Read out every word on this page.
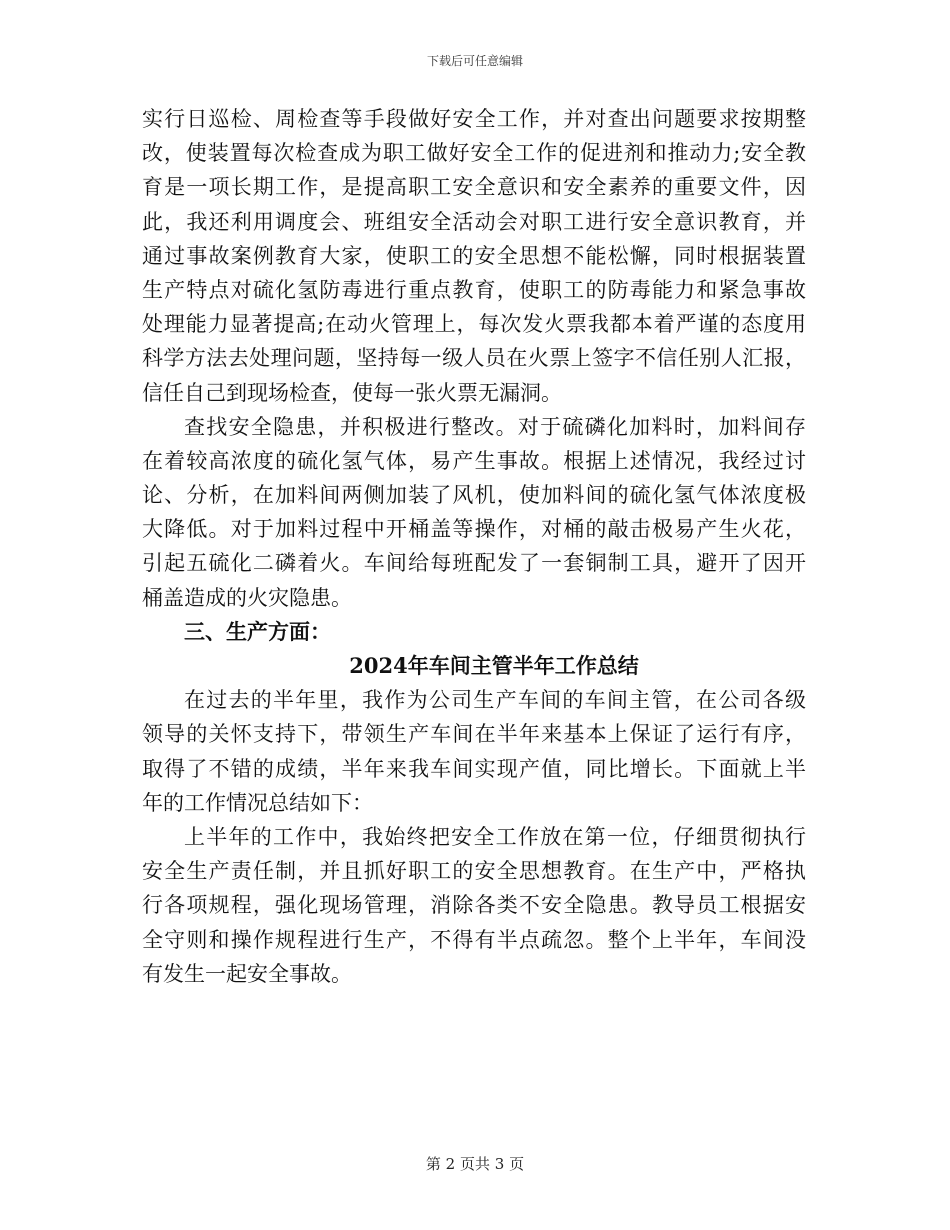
下载后可任意编辑
实行日巡检、周检查等手段做好安全工作，并对查出问题要求按期整
改，使装置每次检查成为职工做好安全工作的促进剂和推动力;安全教
育是一项长期工作，是提高职工安全意识和安全素养的重要文件，因
此，我还利用调度会、班组安全活动会对职工进行安全意识教育，并
通过事故案例教育大家，使职工的安全思想不能松懈，同时根据装置
生产特点对硫化氢防毒进行重点教育，使职工的防毒能力和紧急事故
处理能力显著提高;在动火管理上，每次发火票我都本着严谨的态度用
科学方法去处理问题，坚持每一级人员在火票上签字不信任别人汇报，
信任自己到现场检查，使每一张火票无漏洞。
查找安全隐患，并积极进行整改。对于硫磷化加料时，加料间存
在着较高浓度的硫化氢气体，易产生事故。根据上述情况，我经过讨
论、分析，在加料间两侧加装了风机，使加料间的硫化氢气体浓度极
大降低。对于加料过程中开桶盖等操作，对桶的敲击极易产生火花，
引起五硫化二磷着火。车间给每班配发了一套铜制工具，避开了因开
桶盖造成的火灾隐患。
三、生产方面：
2024年车间主管半年工作总结
在过去的半年里，我作为公司生产车间的车间主管，在公司各级
领导的关怀支持下，带领生产车间在半年来基本上保证了运行有序，
取得了不错的成绩，半年来我车间实现产值，同比增长。下面就上半
年的工作情况总结如下：
上半年的工作中，我始终把安全工作放在第一位，仔细贯彻执行
安全生产责任制，并且抓好职工的安全思想教育。在生产中，严格执
行各项规程，强化现场管理，消除各类不安全隐患。教导员工根据安
全守则和操作规程进行生产，不得有半点疏忽。整个上半年，车间没
有发生一起安全事故。
第 2 页共 3 页
